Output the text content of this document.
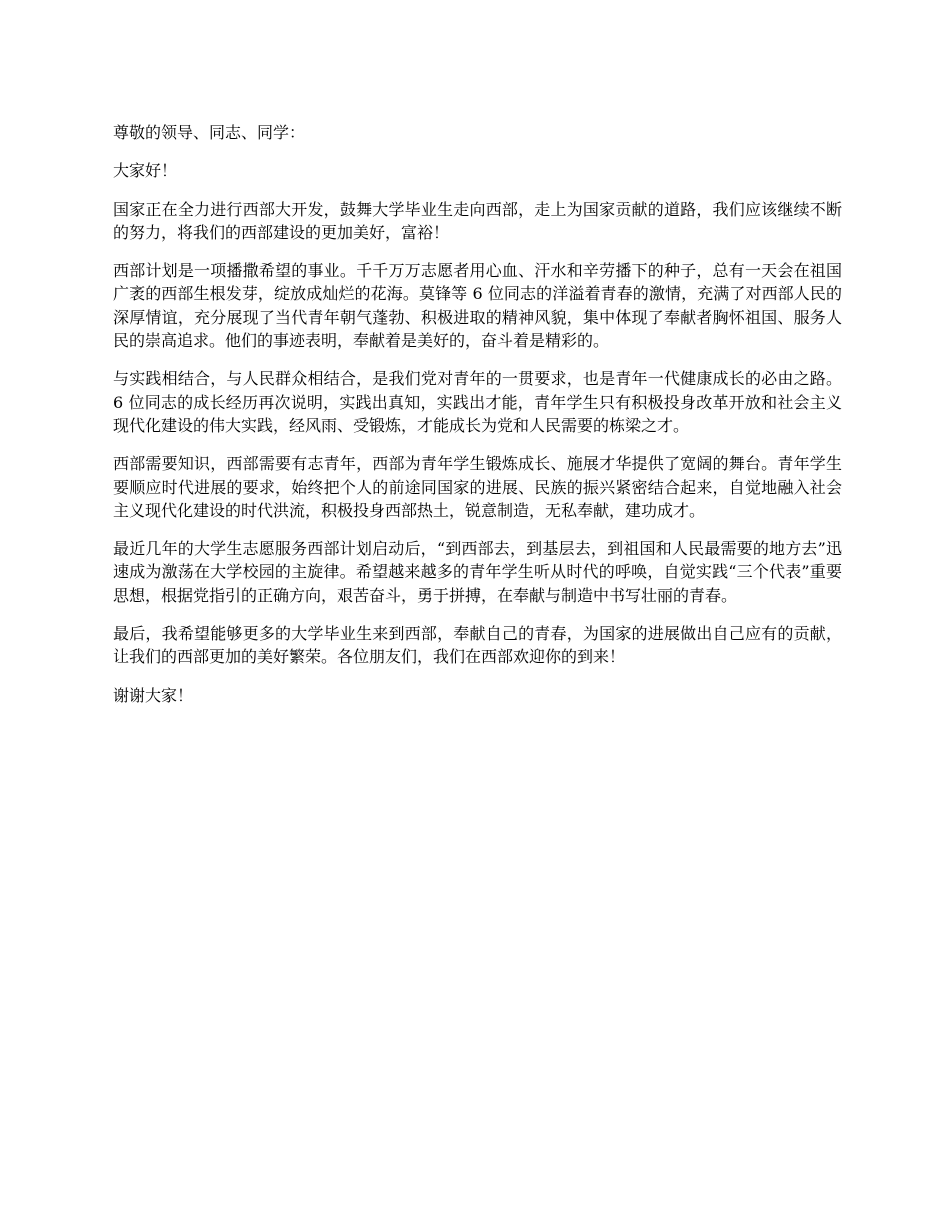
尊敬的领导、同志、同学：

大家好！

国家正在全力进行西部大开发，鼓舞大学毕业生走向西部，走上为国家贡献的道路，我们应该继续不断的努力，将我们的西部建设的更加美好，富裕！

西部计划是一项播撒希望的事业。千千万万志愿者用心血、汗水和辛劳播下的种子，总有一天会在祖国广袤的西部生根发芽，绽放成灿烂的花海。莫锋等 6 位同志的洋溢着青春的激情，充满了对西部人民的深厚情谊，充分展现了当代青年朝气蓬勃、积极进取的精神风貌，集中体现了奉献者胸怀祖国、服务人民的崇高追求。他们的事迹表明，奉献着是美好的，奋斗着是精彩的。

与实践相结合，与人民群众相结合，是我们党对青年的一贯要求，也是青年一代健康成长的必由之路。6 位同志的成长经历再次说明，实践出真知，实践出才能，青年学生只有积极投身改革开放和社会主义现代化建设的伟大实践，经风雨、受锻炼，才能成长为党和人民需要的栋梁之才。

西部需要知识，西部需要有志青年，西部为青年学生锻炼成长、施展才华提供了宽阔的舞台。青年学生要顺应时代进展的要求，始终把个人的前途同国家的进展、民族的振兴紧密结合起来，自觉地融入社会主义现代化建设的时代洪流，积极投身西部热土，锐意制造，无私奉献，建功成才。

最近几年的大学生志愿服务西部计划启动后，“到西部去，到基层去，到祖国和人民最需要的地方去”迅速成为激荡在大学校园的主旋律。希望越来越多的青年学生听从时代的呼唤，自觉实践“三个代表”重要思想，根据党指引的正确方向，艰苦奋斗，勇于拼搏，在奉献与制造中书写壮丽的青春。

最后，我希望能够更多的大学毕业生来到西部，奉献自己的青春，为国家的进展做出自己应有的贡献，让我们的西部更加的美好繁荣。各位朋友们，我们在西部欢迎你的到来！

谢谢大家！
